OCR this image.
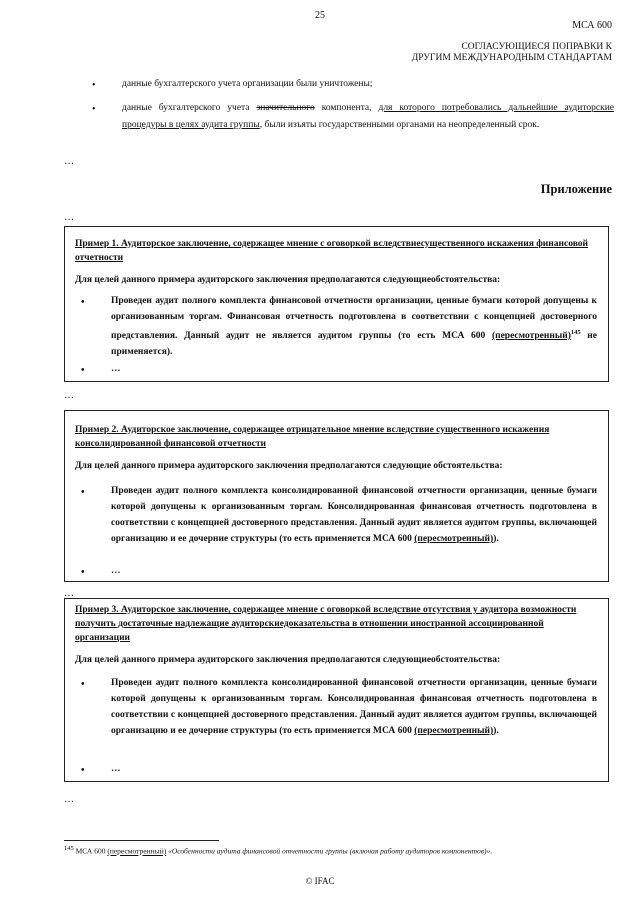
25
МСА 600
СОГЛАСУЮЩИЕСЯ ПОПРАВКИ К
ДРУГИМ МЕЖДУНАРОДНЫМ СТАНДАРТАМ
•	данные бухгалтерского учета организации были уничтожены;
•	данные бухгалтерского учета значительного компонента, для которого потребовались дальнейшие аудиторские процедуры в целях аудита группы, были изъяты государственными органами на неопределенный срок.
…
Приложение
…
Пример 1. Аудиторское заключение, содержащее мнение с оговоркой вследствиесущественного искажения финансовой отчетности
Для целей данного примера аудиторского заключения предполагаются следующиеобстоятельства:
•	Проведен аудит полного комплекта финансовой отчетности организации, ценные бумаги которой допущены к организованным торгам. Финансовая отчетность подготовлена в соответствии с концепцией достоверного представления. Данный аудит не является аудитом группы (то есть МСА 600 (пересмотренный)$^{145}$ не применяется).
•	…
…
Пример 2. Аудиторское заключение, содержащее отрицательное мнение вследствие существенного искажения консолидированной финансовой отчетности
Для целей данного примера аудиторского заключения предполагаются следующие обстоятельства:
•	Проведен аудит полного комплекта консолидированной финансовой отчетности организации, ценные бумаги которой допущены к организованным торгам. Консолидированная финансовая отчетность подготовлена в соответствии с концепцией достоверного представления. Данный аудит является аудитом группы, включающей организацию и ее дочерние структуры (то есть применяется МСА 600 (пересмотренный)).
•	…
…
Пример 3. Аудиторское заключение, содержащее мнение с оговоркой вследствие отсутствия у аудитора возможности получить достаточные надлежащие аудиторскиедоказательства в отношении иностранной ассоциированной организации
Для целей данного примера аудиторского заключения предполагаются следующиеобстоятельства:
•	Проведен аудит полного комплекта консолидированной финансовой отчетности организации, ценные бумаги которой допущены к организованным торгам. Консолидированная финансовая отчетность подготовлена в соответствии с концепцией достоверного представления. Данный аудит является аудитом группы, включающей организацию и ее дочерние структуры (то есть применяется МСА 600 (пересмотренный)).
•	…
…
$^{145}$ МСА 600 (пересмотренный) «Особенности аудита финансовой отчетности группы (включая работу аудиторов компонентов)».
© IFAC
